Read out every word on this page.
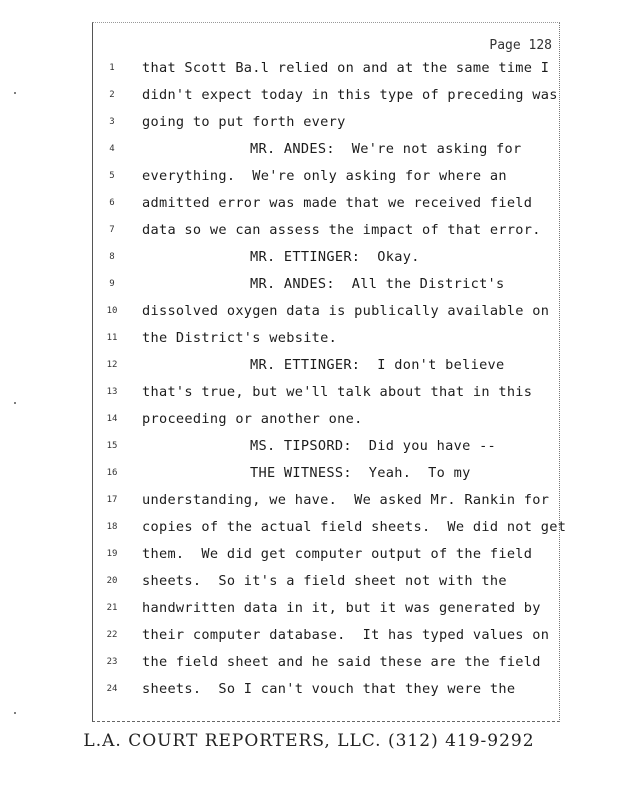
Page 128
1	that Scott Ba.l relied on and at the same time I
2	didn't expect today in this type of preceding was
3	going to put forth every
4	MR. ANDES:  We're not asking for
5	everything.  We're only asking for where an
6	admitted error was made that we received field
7	data so we can assess the impact of that error.
8	MR. ETTINGER:  Okay.
9	MR. ANDES:  All the District's
10	dissolved oxygen data is publically available on
11	the District's website.
12	MR. ETTINGER:  I don't believe
13	that's true, but we'll talk about that in this
14	proceeding or another one.
15	MS. TIPSORD:  Did you have --
16	THE WITNESS:  Yeah.  To my
17	understanding, we have.  We asked Mr. Rankin for
18	copies of the actual field sheets.  We did not get
19	them.  We did get computer output of the field
20	sheets.  So it's a field sheet not with the
21	handwritten data in it, but it was generated by
22	their computer database.  It has typed values on
23	the field sheet and he said these are the field
24	sheets.  So I can't vouch that they were the
L.A. COURT REPORTERS, LLC. (312) 419-9292
